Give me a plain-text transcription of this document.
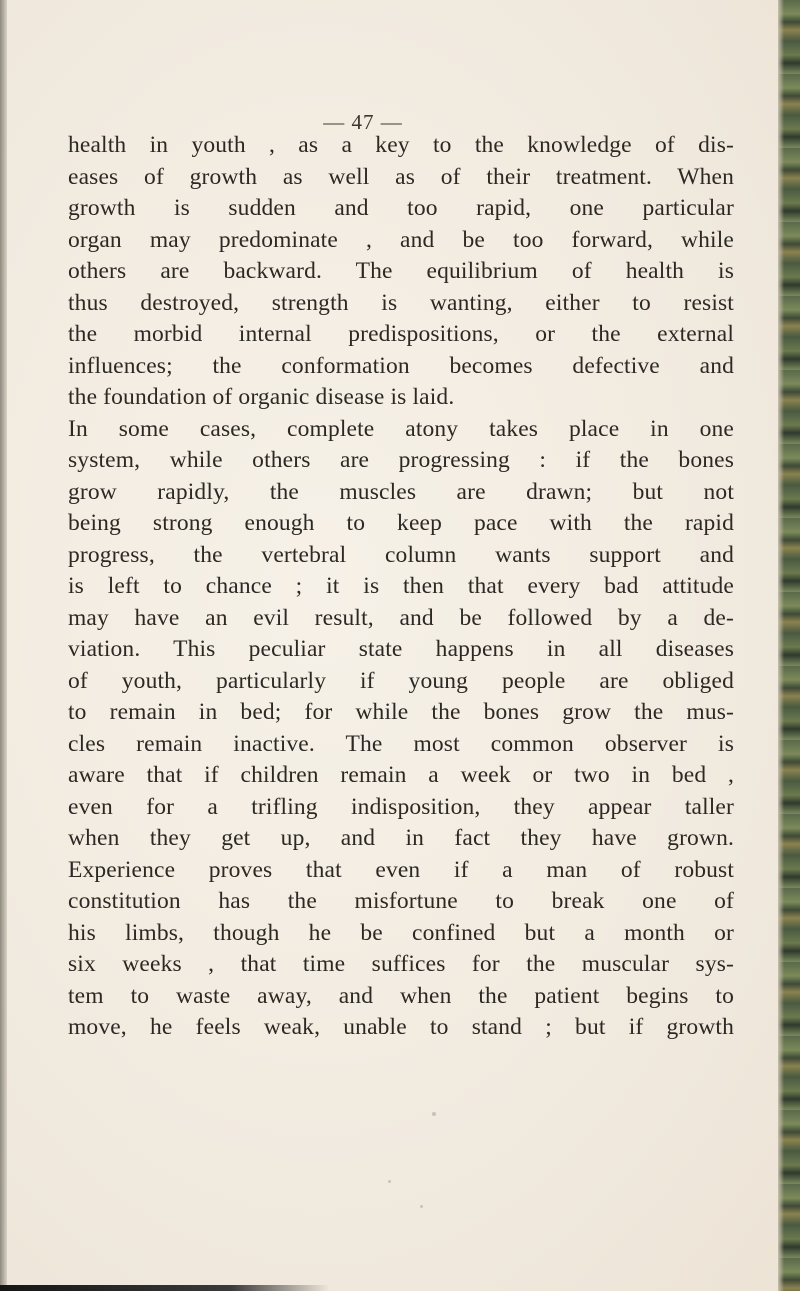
— 47 —
health in youth , as a key to the knowledge of dis-
eases of growth as well as of their treatment. When
growth is sudden and too rapid, one particular
organ may predominate , and be too forward, while
others are backward. The equilibrium of health is
thus destroyed, strength is wanting, either to resist
the morbid internal predispositions, or the external
influences; the conformation becomes defective and
the foundation of organic disease is laid.
In some cases, complete atony takes place in one
system, while others are progressing : if the bones
grow rapidly, the muscles are drawn; but not
being strong enough to keep pace with the rapid
progress, the vertebral column wants support and
is left to chance ; it is then that every bad attitude
may have an evil result, and be followed by a de-
viation. This peculiar state happens in all diseases
of youth, particularly if young people are obliged
to remain in bed; for while the bones grow the mus-
cles remain inactive. The most common observer is
aware that if children remain a week or two in bed ,
even for a trifling indisposition, they appear taller
when they get up, and in fact they have grown.
Experience proves that even if a man of robust
constitution has the misfortune to break one of
his limbs, though he be confined but a month or
six weeks , that time suffices for the muscular sys-
tem to waste away, and when the patient begins to
move, he feels weak, unable to stand ; but if growth
